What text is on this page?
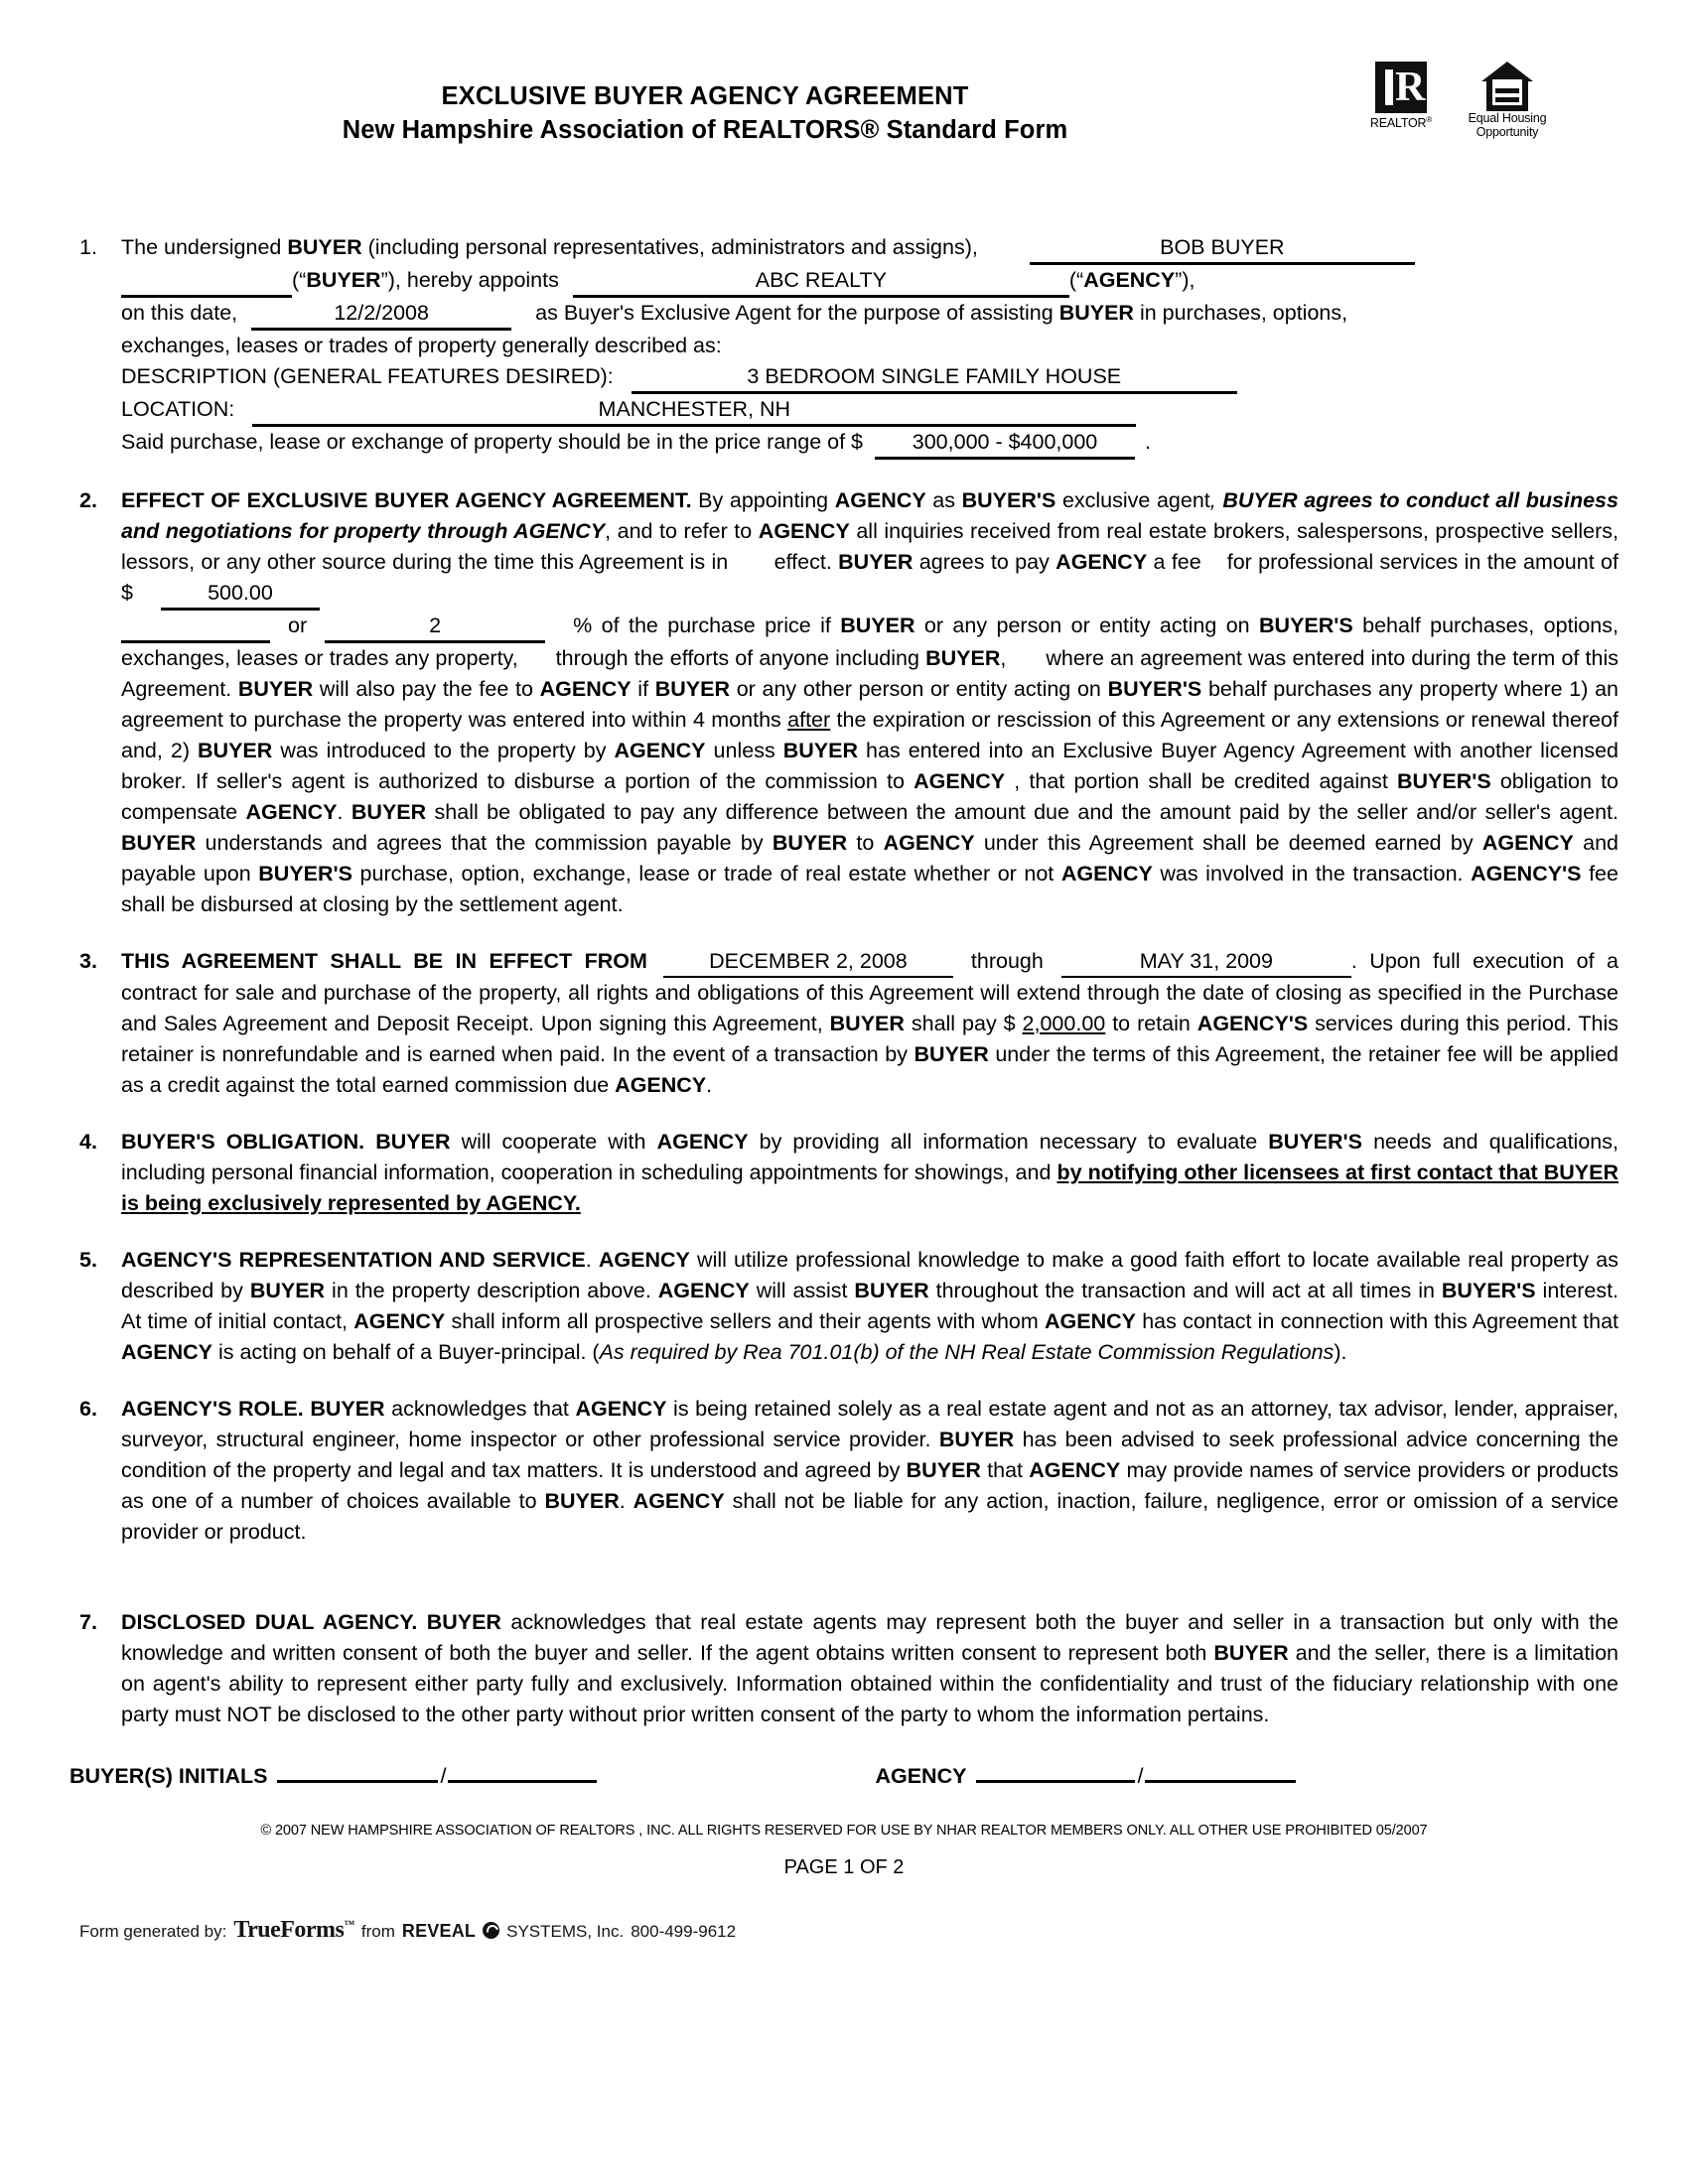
EXCLUSIVE BUYER AGENCY AGREEMENT
New Hampshire Association of REALTORS® Standard Form
R
REALTOR®	Equal Housing
Opportunity
1.	The undersigned BUYER (including personal representatives, administrators and assigns),	BOB BUYER
(“BUYER”), hereby appoints	ABC REALTY	(“AGENCY”),
on this date,	12/2/2008	as Buyer's Exclusive Agent for the purpose of assisting BUYER in purchases, options,
exchanges, leases or trades of property generally described as:
DESCRIPTION (GENERAL FEATURES DESIRED):	3 BEDROOM SINGLE FAMILY HOUSE
LOCATION:	MANCHESTER, NH
Said purchase, lease or exchange of property should be in the price range of $ 300,000 - $400,000 .
2.	EFFECT OF EXCLUSIVE BUYER AGENCY AGREEMENT. By appointing AGENCY as BUYER'S exclusive agent, BUYER agrees to conduct all business and negotiations for property through AGENCY, and to refer to AGENCY all inquiries received from real estate brokers, salespersons, prospective sellers, lessors, or any other source during the time this Agreement is in effect. BUYER agrees to pay AGENCY a fee for professional services in the amount of $	500.00
or	2	% of the purchase price if BUYER or any person or entity acting on BUYER'S behalf purchases, options, exchanges, leases or trades any property, through the efforts of anyone including BUYER, where an agreement was entered into during the term of this Agreement. BUYER will also pay the fee to AGENCY if BUYER or any other person or entity acting on BUYER'S behalf purchases any property where 1) an agreement to purchase the property was entered into within 4 months after the expiration or rescission of this Agreement or any extensions or renewal thereof and, 2) BUYER was introduced to the property by AGENCY unless BUYER has entered into an Exclusive Buyer Agency Agreement with another licensed broker. If seller's agent is authorized to disburse a portion of the commission to AGENCY , that portion shall be credited against BUYER'S obligation to compensate AGENCY. BUYER shall be obligated to pay any difference between the amount due and the amount paid by the seller and/or seller's agent. BUYER understands and agrees that the commission payable by BUYER to AGENCY under this Agreement shall be deemed earned by AGENCY and payable upon BUYER'S purchase, option, exchange, lease or trade of real estate whether or not AGENCY was involved in the transaction. AGENCY'S fee shall be disbursed at closing by the settlement agent.
3.	THIS AGREEMENT SHALL BE IN EFFECT FROM	DECEMBER 2, 2008	through	MAY 31, 2009	. Upon full execution of a contract for sale and purchase of the property, all rights and obligations of this Agreement will extend through the date of closing as specified in the Purchase and Sales Agreement and Deposit Receipt. Upon signing this Agreement, BUYER shall pay $ 2,000.00 to retain AGENCY'S services during this period. This retainer is nonrefundable and is earned when paid. In the event of a transaction by BUYER under the terms of this Agreement, the retainer fee will be applied as a credit against the total earned commission due AGENCY.
4.	BUYER'S OBLIGATION. BUYER will cooperate with AGENCY by providing all information necessary to evaluate BUYER'S needs and qualifications, including personal financial information, cooperation in scheduling appointments for showings, and by notifying other licensees at first contact that BUYER is being exclusively represented by AGENCY.
5.	AGENCY'S REPRESENTATION AND SERVICE. AGENCY will utilize professional knowledge to make a good faith effort to locate available real property as described by BUYER in the property description above. AGENCY will assist BUYER throughout the transaction and will act at all times in BUYER'S interest. At time of initial contact, AGENCY shall inform all prospective sellers and their agents with whom AGENCY has contact in connection with this Agreement that AGENCY is acting on behalf of a Buyer-principal. (As required by Rea 701.01(b) of the NH Real Estate Commission Regulations).
6.	AGENCY'S ROLE. BUYER acknowledges that AGENCY is being retained solely as a real estate agent and not as an attorney, tax advisor, lender, appraiser, surveyor, structural engineer, home inspector or other professional service provider. BUYER has been advised to seek professional advice concerning the condition of the property and legal and tax matters. It is understood and agreed by BUYER that AGENCY may provide names of service providers or products as one of a number of choices available to BUYER. AGENCY shall not be liable for any action, inaction, failure, negligence, error or omission of a service provider or product.
7.	DISCLOSED DUAL AGENCY. BUYER acknowledges that real estate agents may represent both the buyer and seller in a transaction but only with the knowledge and written consent of both the buyer and seller. If the agent obtains written consent to represent both BUYER and the seller, there is a limitation on agent's ability to represent either party fully and exclusively. Information obtained within the confidentiality and trust of the fiduciary relationship with one party must NOT be disclosed to the other party without prior written consent of the party to whom the information pertains.
BUYER(S) INITIALS	/	AGENCY	/
© 2007 NEW HAMPSHIRE ASSOCIATION OF REALTORS , INC. ALL RIGHTS RESERVED FOR USE BY NHAR REALTOR MEMBERS ONLY. ALL OTHER USE PROHIBITED 05/2007
PAGE 1 OF 2
Form generated by: TrueForms™ from REVEAL SYSTEMS, Inc. 800-499-9612
